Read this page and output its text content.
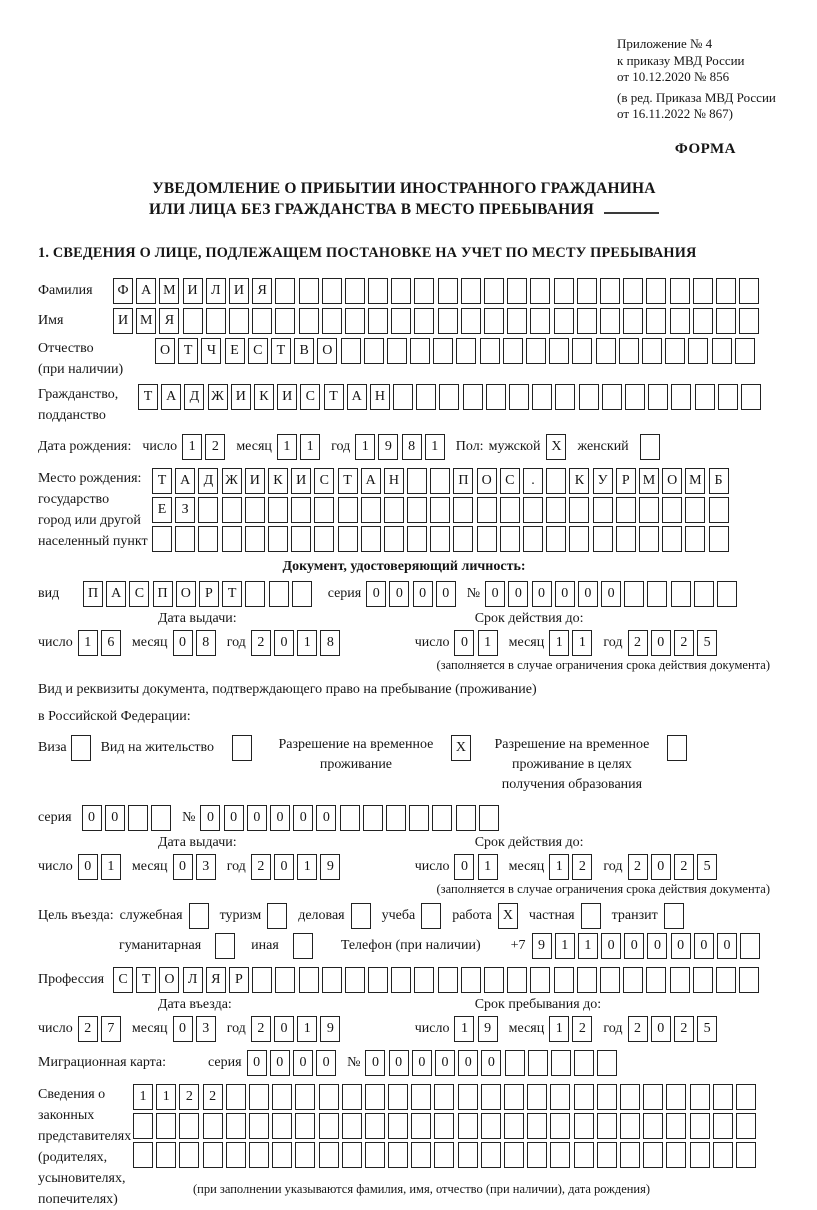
Приложение № 4
к приказу МВД России
от 10.12.2020 № 856
(в ред. Приказа МВД России
от 16.11.2022 № 867)
ФОРМА
УВЕДОМЛЕНИЕ О ПРИБЫТИИ ИНОСТРАННОГО ГРАЖДАНИНА
ИЛИ ЛИЦА БЕЗ ГРАЖДАНСТВА В МЕСТО ПРЕБЫВАНИЯ
1. СВЕДЕНИЯ О ЛИЦЕ, ПОДЛЕЖАЩЕМ ПОСТАНОВКЕ НА УЧЕТ ПО МЕСТУ ПРЕБЫВАНИЯ
Фамилия	Ф А М И Л И Я
Имя	И М Я
Отчество
(при наличии)
О Т	Ч	Е	С	Т	В О
Гражданство,
подданство
Т А Д Ж И К И С	Т А Н
Дата рождения: число 1	2	месяц 1	1	год 1	9	8	1	Пол: мужской X	женский
Место рождения:
государство
город или другой
населенный пункт
Т А Д Ж И К И С	Т А Н	П О С	.	К У	Р М О М Б
Е	З
Документ, удостоверяющий личность:
вид	П А С П О	Р	Т	серия 0	0	0	0	№ 0	0	0	0	0	0
Дата выдачи:
число 1	6	месяц 0	8	год 2	0	1	8
Срок действия до:
число 0	1	месяц 1	1	год 2	0	2	5
(заполняется в случае ограничения срока действия документа)
Вид и реквизиты документа, подтверждающего право на пребывание (проживание)
в Российской Федерации:
Виза Вид на жительство	Разрешение на временное проживание
X	Разрешение на временное проживание в целях получения образования
серия	0	0	№ 0	0	0	0	0	0
Дата выдачи:
число 0	1	месяц 0	3	год 2	0	1	9
Срок действия до:
число 0	1	месяц 1	2	год 2	0	2	5
(заполняется в случае ограничения срока действия документа)
Цель въезда: служебная	туризм	деловая	учеба	работа X	частная	транзит
гуманитарная	иная	Телефон (при наличии) +7 9	1	1	0	0	0	0	0	0
Профессия	С	Т О Л Я	Р
Дата въезда:
число 2	7	месяц 0	3	год 2	0	1	9
Срок пребывания до:
число 1	9	месяц 1	2	год 2	0	2	5
Миграционная карта:	серия 0	0	0	0	№ 0	0	0	0	0	0
Сведения о
законных
представителях
(родителях,
усыновителях,
попечителях)
1	1	2	2
(при заполнении указываются фамилия, имя, отчество (при наличии), дата рождения)
